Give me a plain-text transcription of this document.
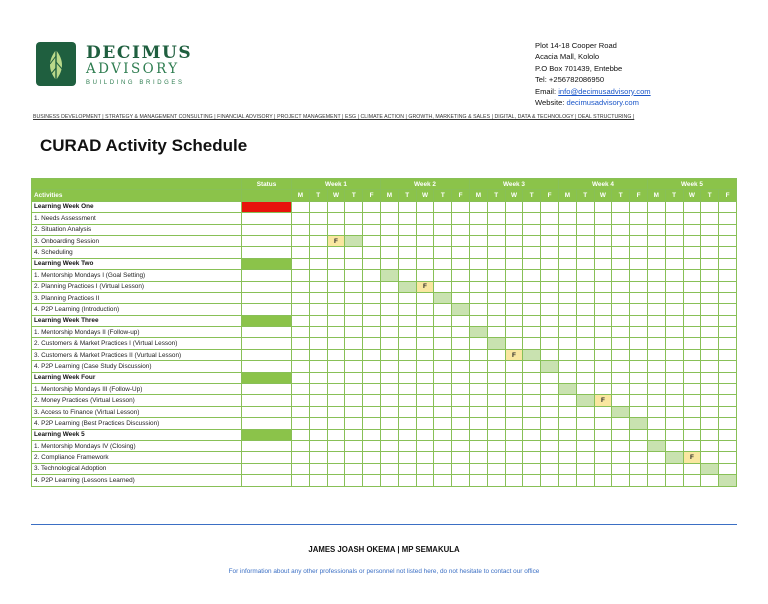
DECIMUS
ADVISORY
BUILDING BRIDGES
Plot 14-18 Cooper Road
Acacia Mall, Kololo
P.O Box 701439, Entebbe
Tel: +256782086950
Email: info@decimusadvisory.com
Website: decimusadvisory.com
BUSINESS DEVELOPMENT | STRATEGY & MANAGEMENT CONSULTING | FINANCIAL ADVISORY | PROJECT MANAGEMENT | ESG | CLIMATE ACTION | GROWTH, MARKETING & SALES | DIGITAL, DATA & TECHNOLOGY | DEAL STRUCTURING |
CURAD Activity Schedule
	Status	Week 1					Week 2					Week 3					Week 4					Week 5				
Activities		M	T	W	T	F	M	T	W	T	F	M	T	W	T	F	M	T	W	T	F	M	T	W	T	F
Learning Week One																										
1. Needs Assessment																										
2. Situation Analysis																										
3. Onboarding Session				F																						
4. Scheduling																										
Learning Week Two																										
1. Mentorship Mondays I (Goal Setting)																										
2. Planning Practices I (Virtual Lesson)									F																	
3. Planning Practices II																										
4. P2P Learning (Introduction)																										
Learning Week Three																										
1. Mentorship Mondays II (Follow-up)																										
2. Customers & Market Practices I (Virtual Lesson)																										
3. Customers & Market Practices II (Vurtual Lesson)														F												
4. P2P Learning (Case Study Discussion)																										
Learning Week Four																										
1. Mentorship Mondays III (Follow-Up)																										
2. Money Practices (Virtual Lesson)																			F							
3. Access to Finance (Virtual Lesson)																										
4. P2P Learning (Best Practices Discussion)																										
Learning Week 5																										
1. Mentorship Mondays IV (Closing)																										
2. Compliance Framework																								F		
3. Technological Adoption																										
4. P2P Learning (Lessons Learned)																										
JAMES JOASH OKEMA | MP SEMAKULA
For information about any other professionals or personnel not listed here, do not hesitate to contact our office
